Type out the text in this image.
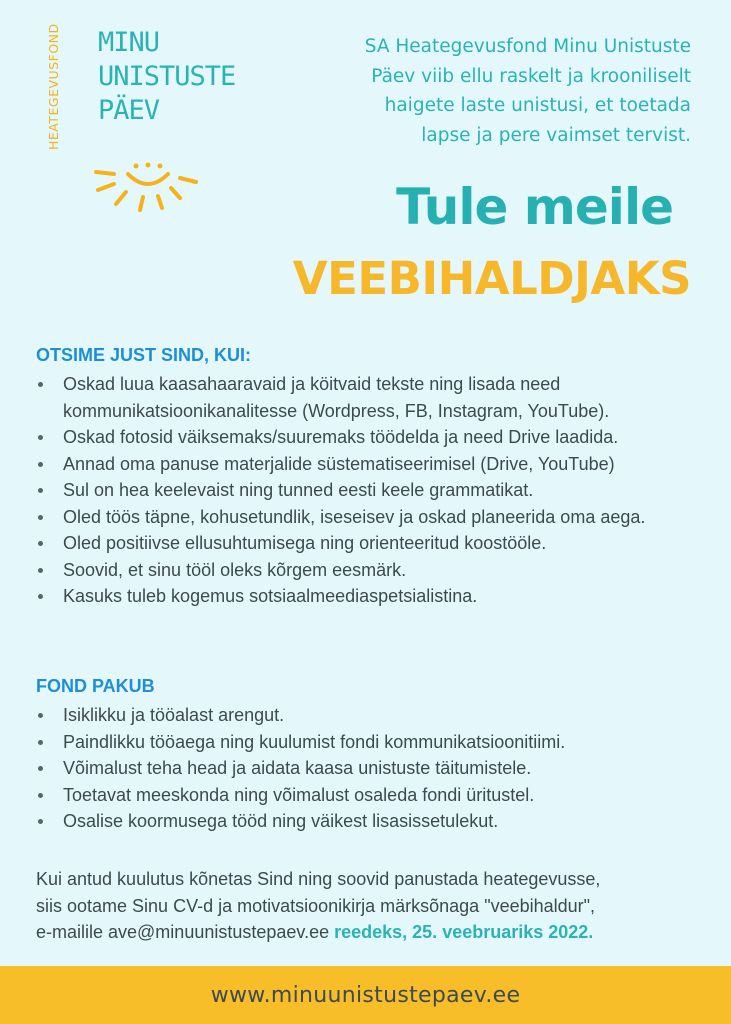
HEATEGEVUSFOND MINU
UNISTUSTE
PÄEV
SA Heategevusfond Minu Unistuste
Päev viib ellu raskelt ja krooniliselt
haigete laste unistusi, et toetada
lapse ja pere vaimset tervist.
Tule meile
VEEBIHALDJAKS
OTSIME JUST SIND, KUI:
Oskad luua kaasahaaravaid ja köitvaid tekste ning lisada need kommunikatsioonikanalitesse (Wordpress, FB, Instagram, YouTube).
Oskad fotosid väiksemaks/suuremaks töödelda ja need Drive laadida.
Annad oma panuse materjalide süstematiseerimisel (Drive, YouTube)
Sul on hea keelevaist ning tunned eesti keele grammatikat.
Oled töös täpne, kohusetundlik, iseseisev ja oskad planeerida oma aega.
Oled positiivse ellusuhtumisega ning orienteeritud koostööle.
Soovid, et sinu tööl oleks kõrgem eesmärk.
Kasuks tuleb kogemus sotsiaalmeediaspetsialistina.
FOND PAKUB
Isiklikku ja tööalast arengut.
Paindlikku tööaega ning kuulumist fondi kommunikatsioonitiimi.
Võimalust teha head ja aidata kaasa unistuste täitumistele.
Toetavat meeskonda ning võimalust osaleda fondi üritustel.
Osalise koormusega tööd ning väikest lisasissetulekut.
Kui antud kuulutus kõnetas Sind ning soovid panustada heategevusse,
siis ootame Sinu CV-d ja motivatsioonikirja märksõnaga "veebihaldur",
e-mailile ave@minuunistustepaev.ee reedeks, 25. veebruariks 2022.
www.minuunistustepaev.ee
